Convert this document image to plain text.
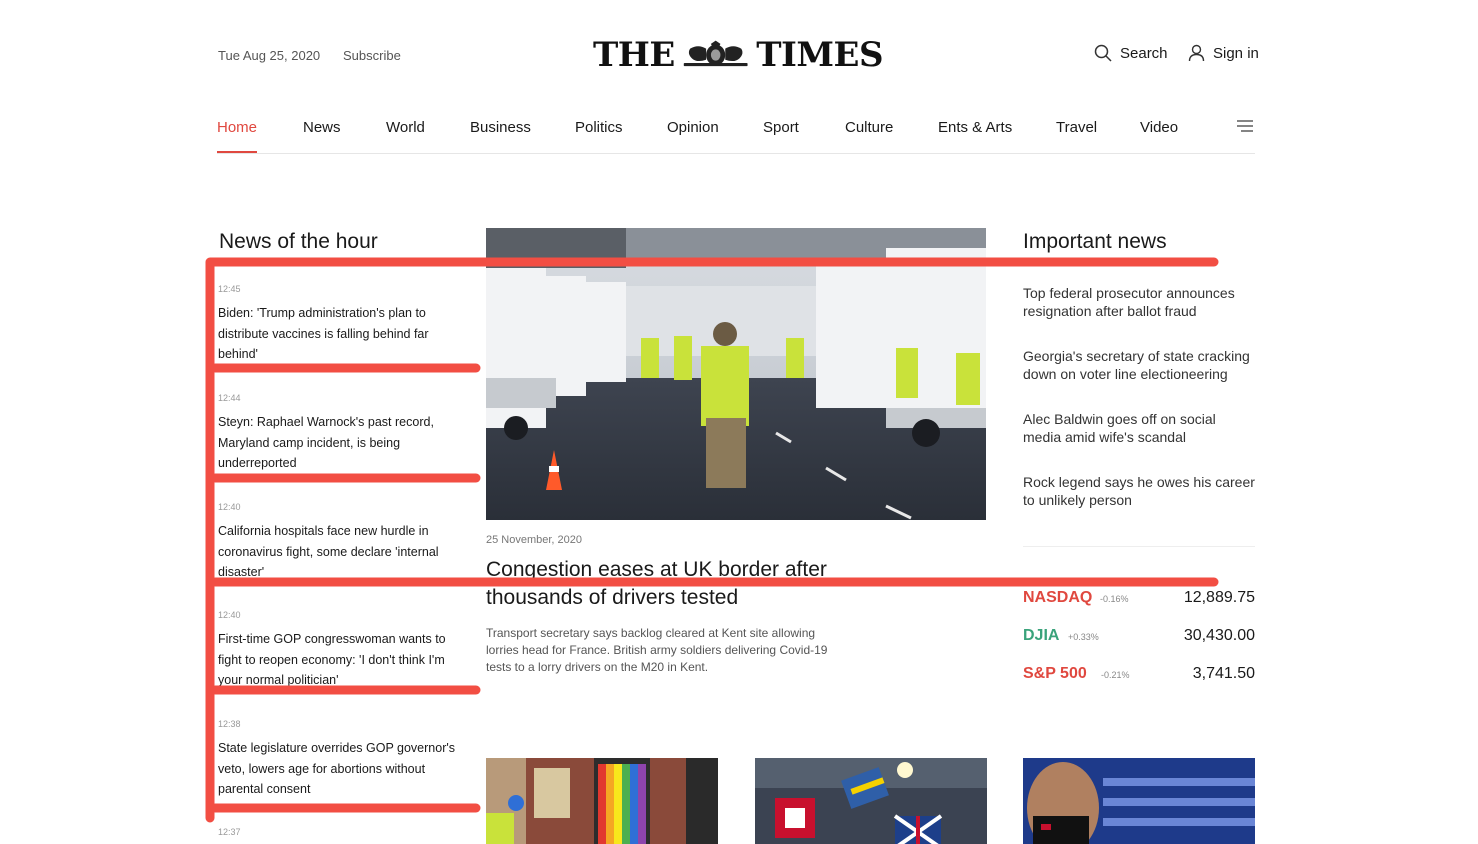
Tue Aug 25, 2020 Subscribe	THE TIMES	Search	Sign in
Home	News	World	Business	Politics	Opinion	Sport	Culture	Ents & Arts	Travel	Video
News of the hour
12:45
Biden: 'Trump administration's plan to distribute vaccines is falling behind far behind'
12:44
Steyn: Raphael Warnock's past record, Maryland camp incident, is being underreported
12:40
California hospitals face new hurdle in coronavirus fight, some declare 'internal disaster'
12:40
First-time GOP congresswoman wants to fight to reopen economy: 'I don't think I'm your normal politician'
12:38
State legislature overrides GOP governor's veto, lowers age for abortions without parental consent
12:37
25 November, 2020
Congestion eases at UK border after thousands of drivers tested
Transport secretary says backlog cleared at Kent site allowing lorries head for France. British army soldiers delivering Covid-19 tests to a lorry drivers on the M20 in Kent.
Important news
Top federal prosecutor announces resignation after ballot fraud
Georgia's secretary of state cracking down on voter line electioneering
Alec Baldwin goes off on social media amid wife's scandal
Rock legend says he owes his career to unlikely person
NASDAQ -0.16%	12,889.75
DJIA +0.33%	30,430.00
S&P 500 -0.21%	3,741.50
